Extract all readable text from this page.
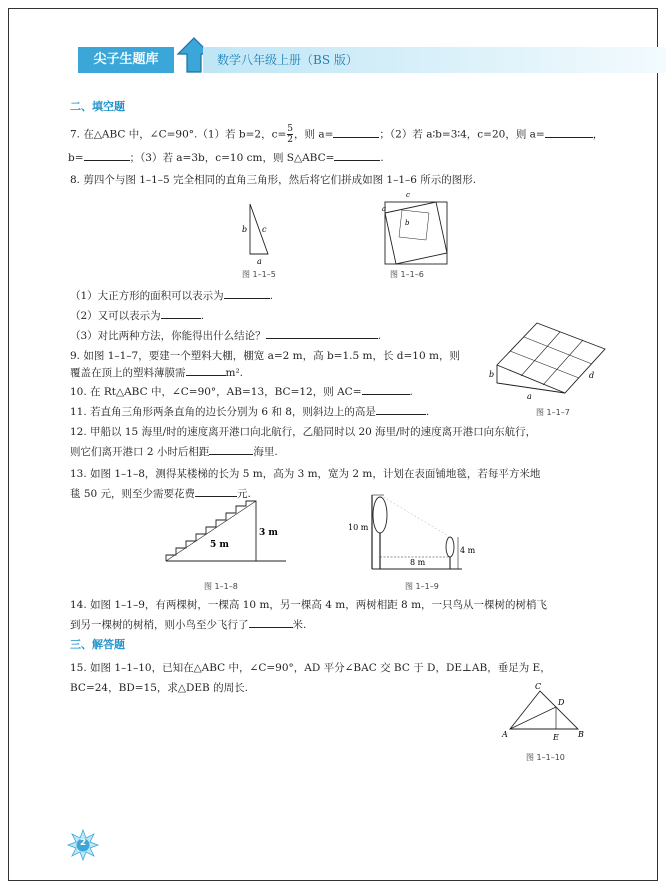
尖子生题库	数学八年级上册（BS 版）
二、填空题
7. 在△ABC 中，∠C=90°.（1）若 b=2，$c= \frac{5}{2}$ ，则 a=	；（2）若 a∶b=3∶4，c=20，则 a=	，
b=	；（3）若 a=3b，c=10 cm，则 S△ABC=	.
8. 剪四个与图 1–1–5 完全相同的直角三角形，然后将它们拼成如图 1–1–6 所示的图形.
b c
a
图 1–1–5
c
a
b
图 1–1–6
（1）大正方形的面积可以表示为	.
（2）又可以表示为	.
（3）对比两种方法，你能得出什么结论？	.
9. 如图 1–1–7，要建一个塑料大棚，棚宽 a=2 m，高 b=1.5 m，长 d=10 m，则
覆盖在顶上的塑料薄膜需	m².	b	d
a
图 1–1–7
10. 在 Rt△ABC 中，∠C=90°，AB=13，BC=12，则 AC=	.
11. 若直角三角形两条直角的边长分别为 6 和 8，则斜边上的高是	.
12. 甲船以 15 海里/时的速度离开港口向北航行，乙船同时以 20 海里/时的速度离开港口向东航行，
则它们离开港口 2 小时后相距	海里.
13. 如图 1–1–8，测得某楼梯的长为 5 m，高为 3 m，宽为 2 m，计划在表面铺地毯，若每平方米地
毯 50 元，则至少需要花费	元.
5 m
3 m
图 1–1–8
10 m
4 m
8 m
图 1–1–9
14. 如图 1–1–9，有两棵树，一棵高 10 m，另一棵高 4 m，两树相距 8 m，一只鸟从一棵树的树梢飞
到另一棵树的树梢，则小鸟至少飞行了	米.
三、解答题
15. 如图 1–1–10，已知在△ABC 中，∠C=90°，AD 平分∠BAC 交 BC 于 D，DE⊥AB，垂足为 E，
BC=24，BD=15，求△DEB 的周长.	C
D
A	E B
图 1–1–10
2
